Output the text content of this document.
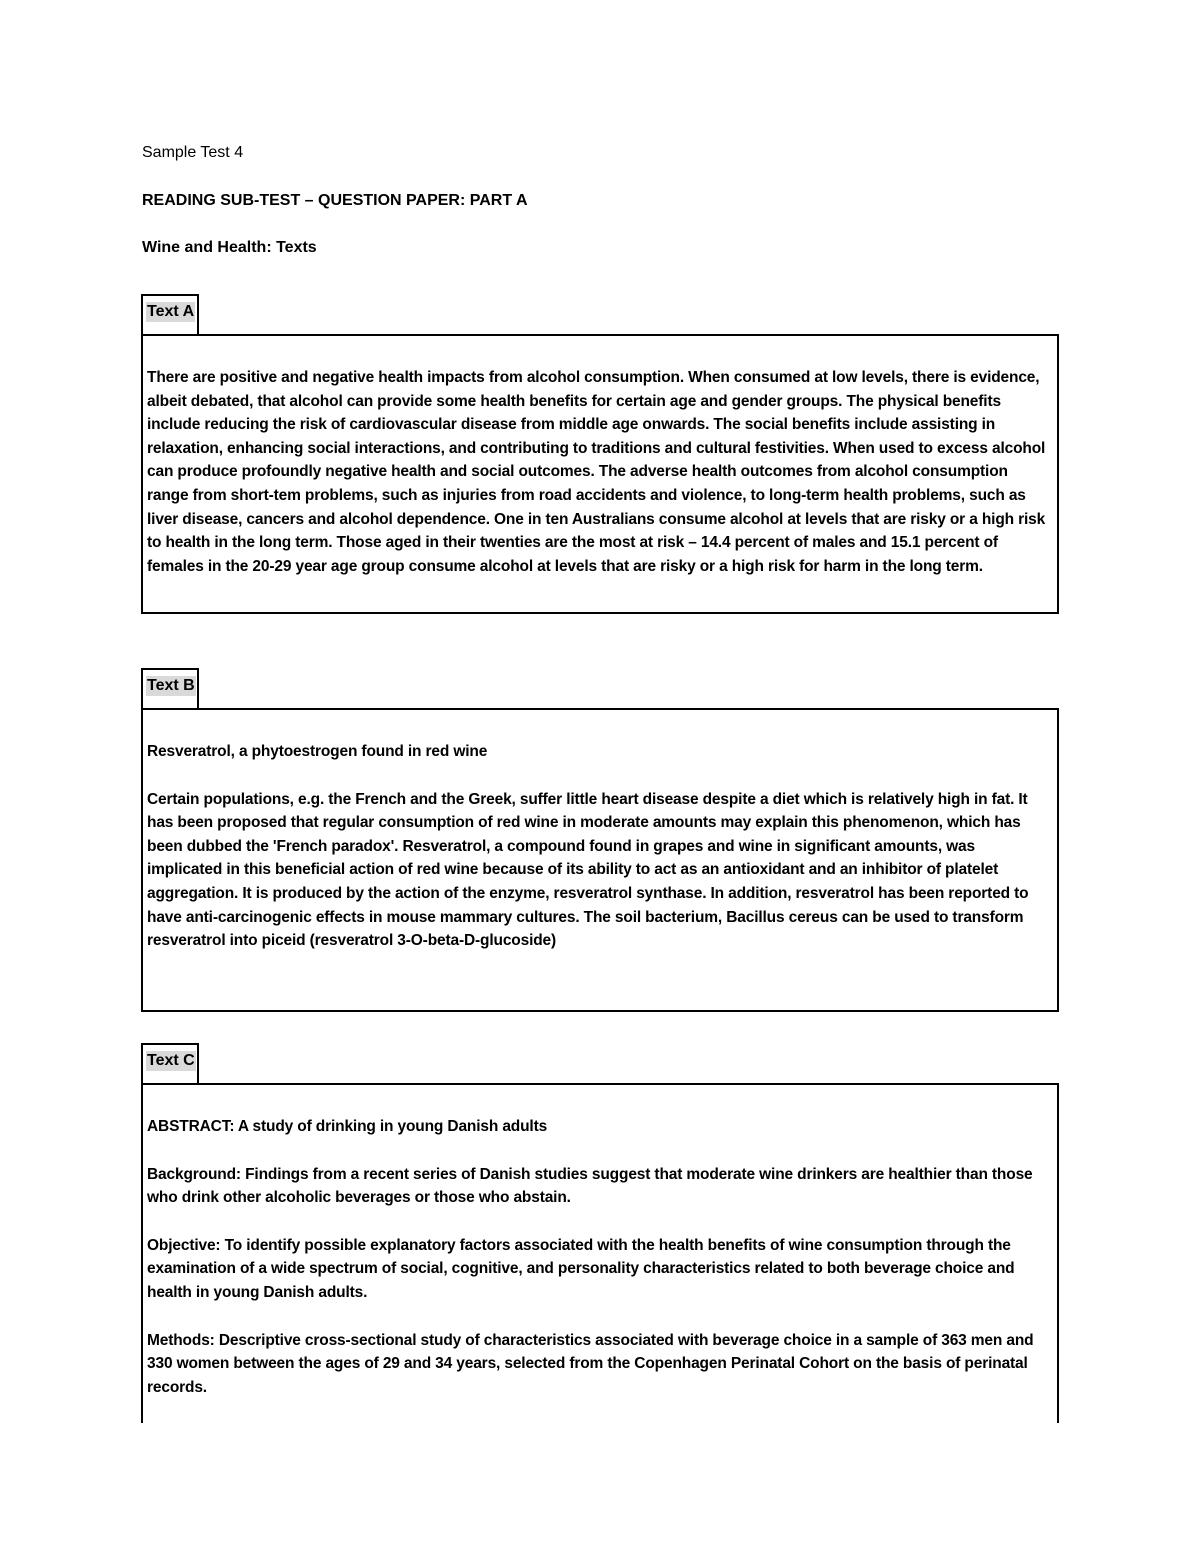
Sample Test 4
READING SUB-TEST – QUESTION PAPER: PART A
Wine and Health: Texts
Text A

There are positive and negative health impacts from alcohol consumption. When consumed at low levels, there is evidence, albeit debated, that alcohol can provide some health benefits for certain age and gender groups. The physical benefits include reducing the risk of cardiovascular disease from middle age onwards. The social benefits include assisting in relaxation, enhancing social interactions, and contributing to traditions and cultural festivities. When used to excess alcohol can produce profoundly negative health and social outcomes. The adverse health outcomes from alcohol consumption range from short-tem problems, such as injuries from road accidents and violence, to long-term health problems, such as liver disease, cancers and alcohol dependence. One in ten Australians consume alcohol at levels that are risky or a high risk to health in the long term. Those aged in their twenties are the most at risk – 14.4 percent of males and 15.1 percent of females in the 20-29 year age group consume alcohol at levels that are risky or a high risk for harm in the long term.

Text B

Resveratrol, a phytoestrogen found in red wine

Certain populations, e.g. the French and the Greek, suffer little heart disease despite a diet which is relatively high in fat. It has been proposed that regular consumption of red wine in moderate amounts may explain this phenomenon, which has been dubbed the 'French paradox'. Resveratrol, a compound found in grapes and wine in significant amounts, was implicated in this beneficial action of red wine because of its ability to act as an antioxidant and an inhibitor of platelet aggregation. It is produced by the action of the enzyme, resveratrol synthase. In addition, resveratrol has been reported to have anti-carcinogenic effects in mouse mammary cultures. The soil bacterium, Bacillus cereus can be used to transform resveratrol into piceid (resveratrol 3-O-beta-D-glucoside)

Text C

ABSTRACT: A study of drinking in young Danish adults

Background: Findings from a recent series of Danish studies suggest that moderate wine drinkers are healthier than those who drink other alcoholic beverages or those who abstain.

Objective: To identify possible explanatory factors associated with the health benefits of wine consumption through the examination of a wide spectrum of social, cognitive, and personality characteristics related to both beverage choice and health in young Danish adults.

Methods: Descriptive cross-sectional study of characteristics associated with beverage choice in a sample of 363 men and 330 women between the ages of 29 and 34 years, selected from the Copenhagen Perinatal Cohort on the basis of perinatal records.
